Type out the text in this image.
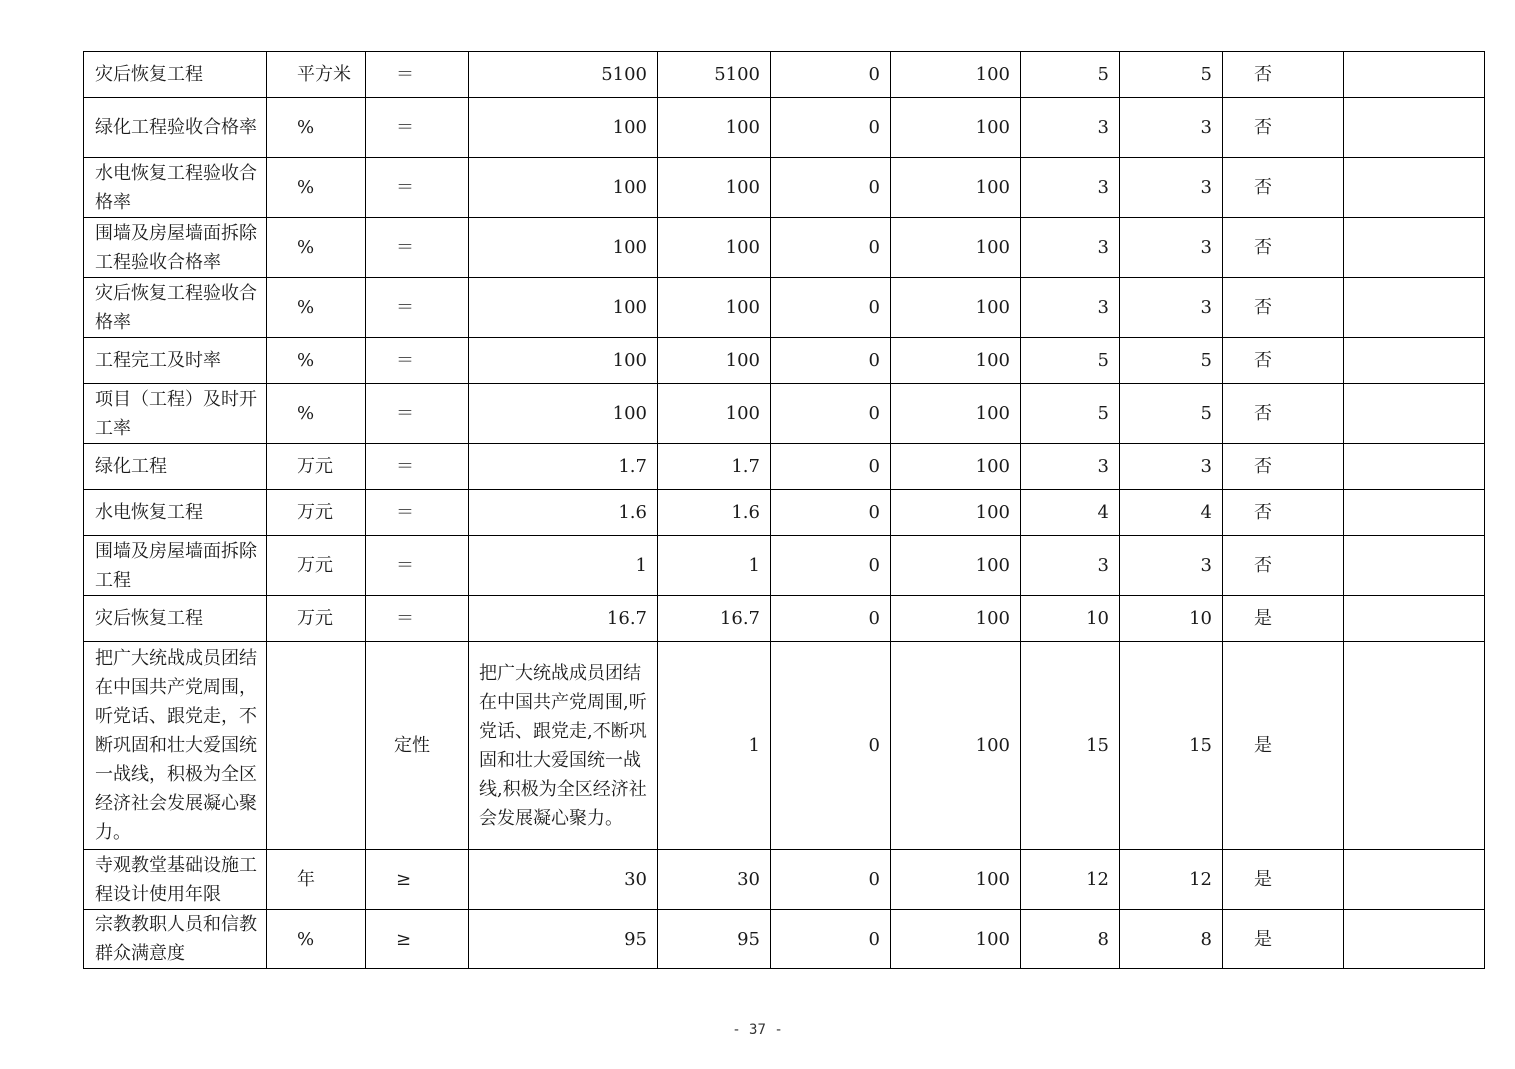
灾后恢复工程	平方米	＝	5100	5100	0	100	5	5	否	
绿化工程验收合格率	%	＝	100	100	0	100	3	3	否	
水电恢复工程验收合格率	%	＝	100	100	0	100	3	3	否	
围墙及房屋墙面拆除工程验收合格率	%	＝	100	100	0	100	3	3	否	
灾后恢复工程验收合格率	%	＝	100	100	0	100	3	3	否	
工程完工及时率	%	＝	100	100	0	100	5	5	否	
项目（工程）及时开工率	%	＝	100	100	0	100	5	5	否	
绿化工程	万元	＝	1.7	1.7	0	100	3	3	否	
水电恢复工程	万元	＝	1.6	1.6	0	100	4	4	否	
围墙及房屋墙面拆除工程	万元	＝	1	1	0	100	3	3	否	
灾后恢复工程	万元	＝	16.7	16.7	0	100	10	10	是	
把广大统战成员团结在中国共产党周围，听党话、跟党走，不断巩固和壮大爱国统一战线，积极为全区经济社会发展凝心聚力。		定性	把广大统战成员团结在中国共产党周围,听党话、跟党走,不断巩固和壮大爱国统一战线,积极为全区经济社会发展凝心聚力。	1	0	100	15	15	是	
寺观教堂基础设施工程设计使用年限	年	≥	30	30	0	100	12	12	是	
宗教教职人员和信教群众满意度	%	≥	95	95	0	100	8	8	是	
- 37 -
